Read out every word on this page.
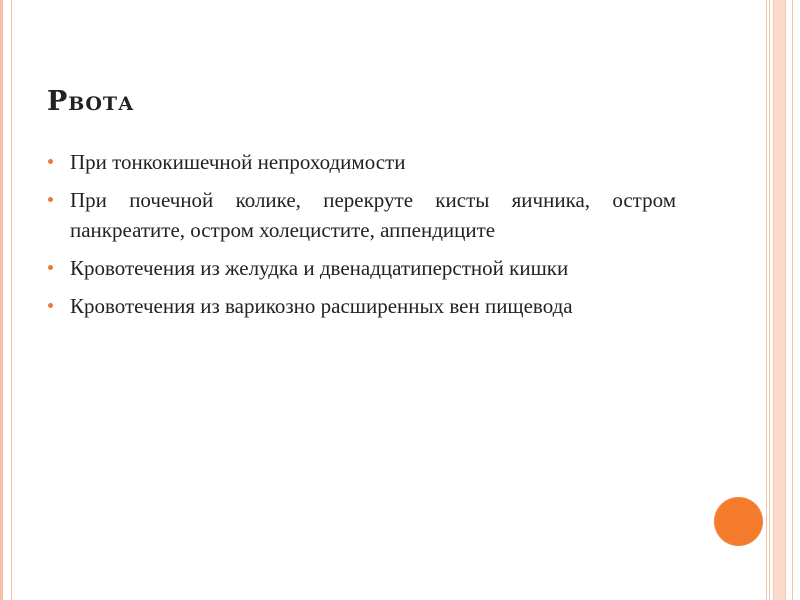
Рвота
При тонкокишечной непроходимости
При почечной колике, перекруте кисты яичника, остром панкреатите, остром холецистите, аппендиците
Кровотечения из желудка и двенадцатиперстной кишки
Кровотечения из варикозно расширенных вен пищевода
